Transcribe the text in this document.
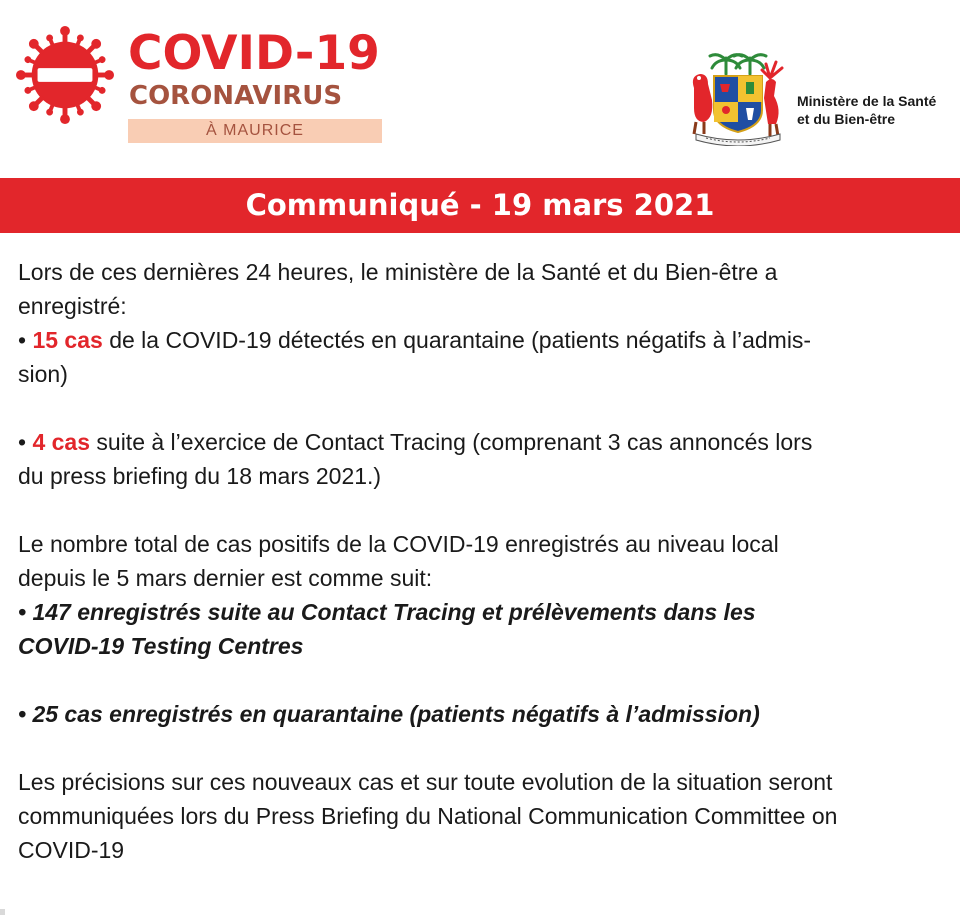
COVID-19
CORONAVIRUS
À MAURICE
Ministère de la Santé
et du Bien-être
Communiqué - 19 mars 2021

Lors de ces dernières 24 heures, le ministère de la Santé et du Bien-être a
enregistré:
• 15 cas de la COVID-19 détectés en quarantaine (patients négatifs à l’admis-
sion)

• 4 cas suite à l’exercice de Contact Tracing (comprenant 3 cas annoncés lors
du press briefing du 18 mars 2021.)

Le nombre total de cas positifs de la COVID-19 enregistrés au niveau local
depuis le 5 mars dernier est comme suit:
• 147 enregistrés suite au Contact Tracing et prélèvements dans les
COVID-19 Testing Centres

• 25 cas enregistrés en quarantaine (patients négatifs à l’admission)

Les précisions sur ces nouveaux cas et sur toute evolution de la situation seront
communiquées lors du Press Briefing du National Communication Committee on
COVID-19
